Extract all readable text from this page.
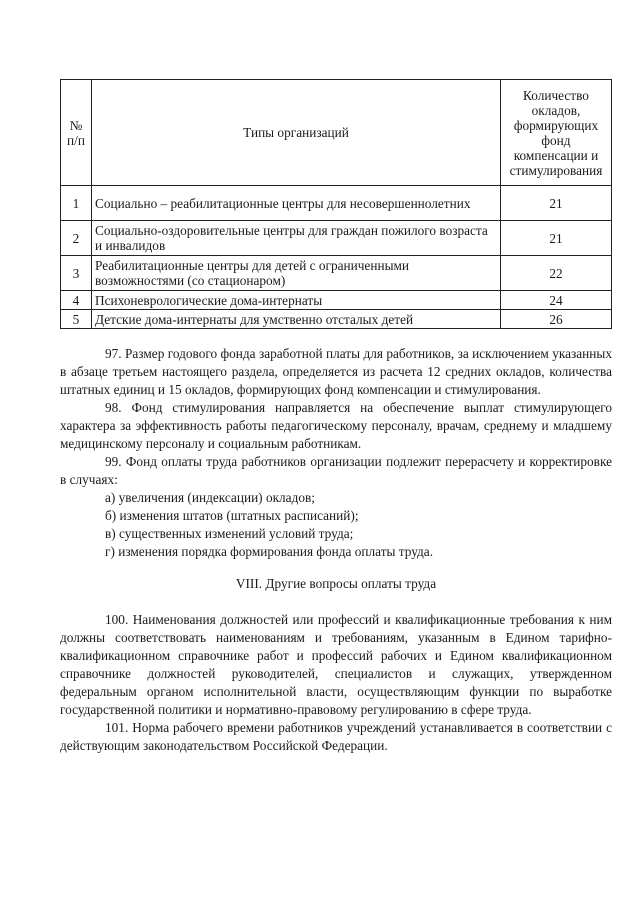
№ п/п	Типы организаций	Количество окладов, формирующих фонд компенсации и стимулирования
1	Социально – реабилитационные центры для несовершеннолетних	21
2	Социально-оздоровительные центры для граждан пожилого возраста и инвалидов	21
3	Реабилитационные центры для детей с ограниченными возможностями (со стационаром)	22
4	Психоневрологические дома-интернаты	24
5	Детские дома-интернаты для умственно отсталых детей	26

97. Размер годового фонда заработной платы для работников, за исключением указанных в абзаце третьем настоящего раздела, определяется из расчета 12 средних окладов, количества штатных единиц и 15 окладов, формирующих фонд компенсации и стимулирования.

98. Фонд стимулирования направляется на обеспечение выплат стимулирующего характера за эффективность работы педагогическому персоналу, врачам, среднему и младшему медицинскому персоналу и социальным работникам.

99. Фонд оплаты труда работников организации подлежит перерасчету и корректировке в случаях:

а) увеличения (индексации) окладов;

б) изменения штатов (штатных расписаний);

в) существенных изменений условий труда;

г) изменения порядка формирования фонда оплаты труда.

VIII. Другие вопросы оплаты труда

100. Наименования должностей или профессий и квалификационные требования к ним должны соответствовать наименованиям и требованиям, указанным в Едином тарифно-квалификационном справочнике работ и профессий рабочих и Едином квалификационном справочнике должностей руководителей, специалистов и служащих, утвержденном федеральным органом исполнительной власти, осуществляющим функции по выработке государственной политики и нормативно-правовому регулированию в сфере труда.

101. Норма рабочего времени работников учреждений устанавливается в соответствии с действующим законодательством Российской Федерации.
